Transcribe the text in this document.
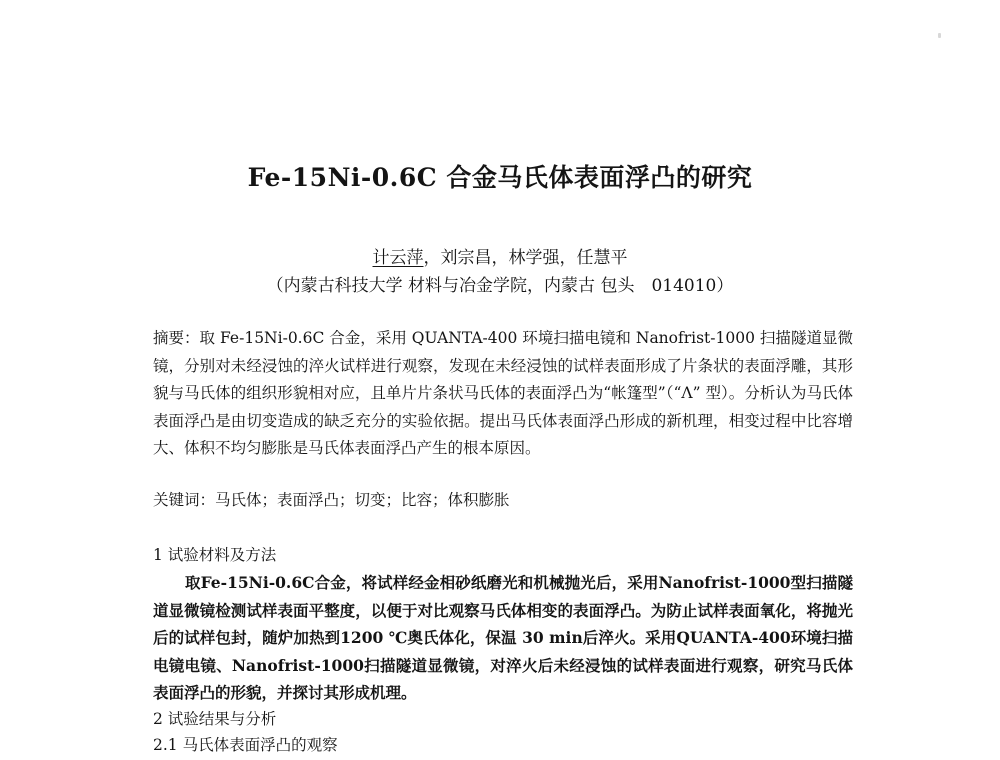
Fe-15Ni-0.6C 合金马氏体表面浮凸的研究
计云萍，刘宗昌，林学强，任慧平
（内蒙古科技大学 材料与冶金学院，内蒙古 包头　014010）
摘要：取 Fe-15Ni-0.6C 合金，采用 QUANTA-400 环境扫描电镜和 Nanofrist-1000 扫描隧道显微镜，分别对未经浸蚀的淬火试样进行观察，发现在未经浸蚀的试样表面形成了片条状的表面浮雕，其形貌与马氏体的组织形貌相对应，且单片片条状马氏体的表面浮凸为“帐篷型”（“Λ” 型）。分析认为马氏体表面浮凸是由切变造成的缺乏充分的实验依据。提出马氏体表面浮凸形成的新机理，相变过程中比容增大、体积不均匀膨胀是马氏体表面浮凸产生的根本原因。
关键词：马氏体；表面浮凸；切变；比容；体积膨胀
1 试验材料及方法
取Fe-15Ni-0.6C合金，将试样经金相砂纸磨光和机械抛光后，采用Nanofrist-1000型扫描隧道显微镜检测试样表面平整度，以便于对比观察马氏体相变的表面浮凸。为防止试样表面氧化，将抛光后的试样包封，随炉加热到1200 ℃奥氏体化，保温 30 min后淬火。采用QUANTA-400环境扫描电镜电镜、Nanofrist-1000扫描隧道显微镜，对淬火后未经浸蚀的试样表面进行观察，研究马氏体表面浮凸的形貌，并探讨其形成机理。
2 试验结果与分析
2.1 马氏体表面浮凸的观察
